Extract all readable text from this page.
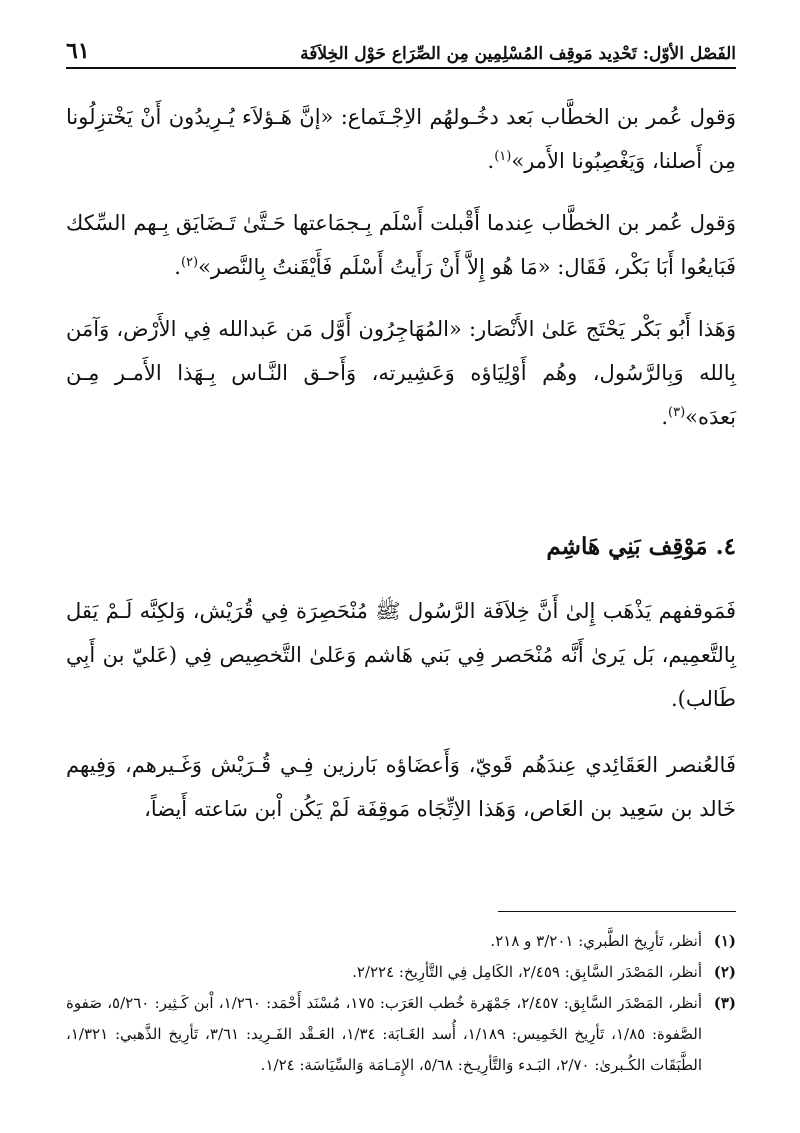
الفَصْل الأوّل: تَحْدِيد مَوقِف المُسْلِمِين مِن الصِّرَاع حَوْل الخِلاَفَة
٦١

وَقول عُمر بن الخطَّاب بَعد دخُـولهُم الاِجْـتَماع: «إنَّ هَـؤلاَء يُـرِيدُون أَنْ يَخْتزِلُونا مِن أَصلنا، وَيَغْصِبُونا الأَمر»$^{(١)}$.

وَقول عُمر بن الخطَّاب عِندما أَقْبلت أَسْلَم بِـجمَاعتها حَـتَّىٰ تَـضَايَق بِـهم السِّكك فَبَايعُوا أَبَا بَكْر، فَقَال: «مَا هُو إِلاَّ أَنْ رَأَيتُ أَسْلَم فَأَيْقَنتُ بِالنَّصر»$^{(٢)}$.

وَهَذا أَبُو بَكْر يَحْتَج عَلىٰ الأَنْصَار: «المُهَاجِرُون أَوَّل مَن عَبدالله فِي الأَرْض، وَآمَن بِالله وَبِالرَّسُول، وهُم أَوْلِيَاؤه وَعَشِيرته، وَأَحـق النَّـاس بِـهَذا الأَمـر مِـن بَعدَه»$^{(٣)}$.

٤. مَوْقِف بَنِي هَاشِم

فَمَوقفهم يَذْهَب إِلىٰ أَنَّ خِلاَفَة الرَّسُول ﷺ مُنْحَصِرَة فِي قُرَيْش، وَلكِنَّه لَـمْ يَقل بِالتَّعمِيم، بَل يَرىٰ أَنَّه مُنْحَصر فِي بَني هَاشم وَعَلىٰ التَّخصِيص فِي (عَليّ بن أَبِي طَالب).

فَالعُنصر العَقَائِدي عِندَهُم قَويّ، وَأَعضَاؤه بَارزين فِـي قُـرَيْش وَغَـيرهم، وَفِيهم خَالد بن سَعِيد بن العَاص، وَهَذا الاِتِّجَاه مَوقِفَة لَمْ يَكُن اْبن سَاعته أَيضاً،

(١)
أنظر، تَأرِيخ الطَّبري: ٣/٢٠١ و ٢١٨.
(٢)
أنظر، المَصْدَر السَّابِق: ٢/٤٥٩، الكَامِل فِي التَّأرِيخ: ٢/٢٢٤.
(٣)
أنظر، المَصْدَر السَّابِق: ٢/٤٥٧، جَمْهَرة خُطب العَرَب: ١٧٥، مُسْنَد أَحْمَد: ١/٢٦٠، اْبن كَـثِير: ٥/٢٦٠، صَفوة الصَّفوة: ١/٨٥، تَأرِيخ الخَمِيس: ١/١٨٩، أُسد الغَـابَة: ١/٣٤، العَـقْد الفَـرِيد: ٣/٦١، تَأرِيخ الذَّهبي: ١/٣٢١، الطَّبَقَات الكُـبرىٰ: ٢/٧٠، البَـدء وَالتَّأرِيـخ: ٥/٦٨، الإِمَـامَة وَالسِّيَاسَة: ١/٢٤.
